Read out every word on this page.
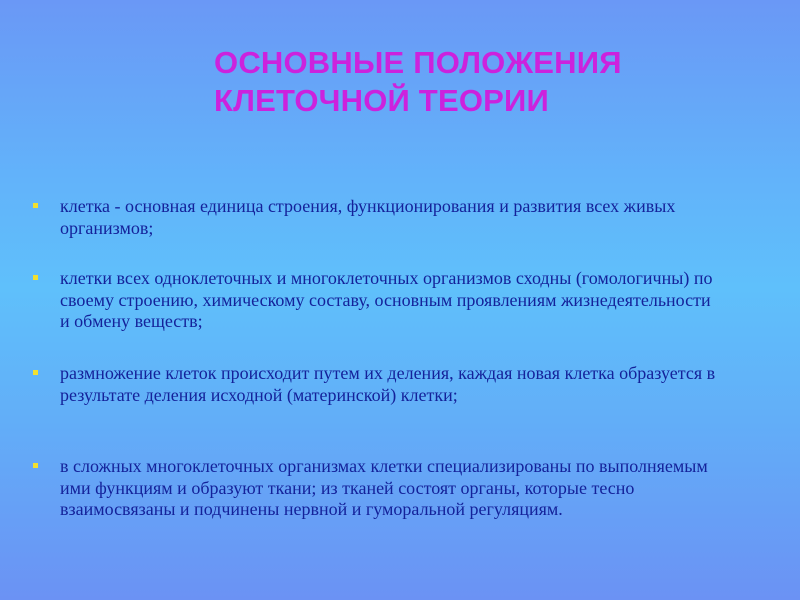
ОСНОВНЫЕ ПОЛОЖЕНИЯ
КЛЕТОЧНОЙ ТЕОРИИ
клетка - основная единица строения, функционирования и развития всех живых организмов;
клетки всех одноклеточных и многоклеточных организмов сходны (гомологичны) по своему строению, химическому составу, основным проявлениям жизнедеятельности и обмену веществ;
размножение клеток происходит путем их деления, каждая новая клетка образуется в результате деления исходной (материнской) клетки;
в сложных многоклеточных организмах клетки специализированы по выполняемым ими функциям и образуют ткани; из тканей состоят органы, которые тесно взаимосвязаны и подчинены нервной и гуморальной регуляциям.
